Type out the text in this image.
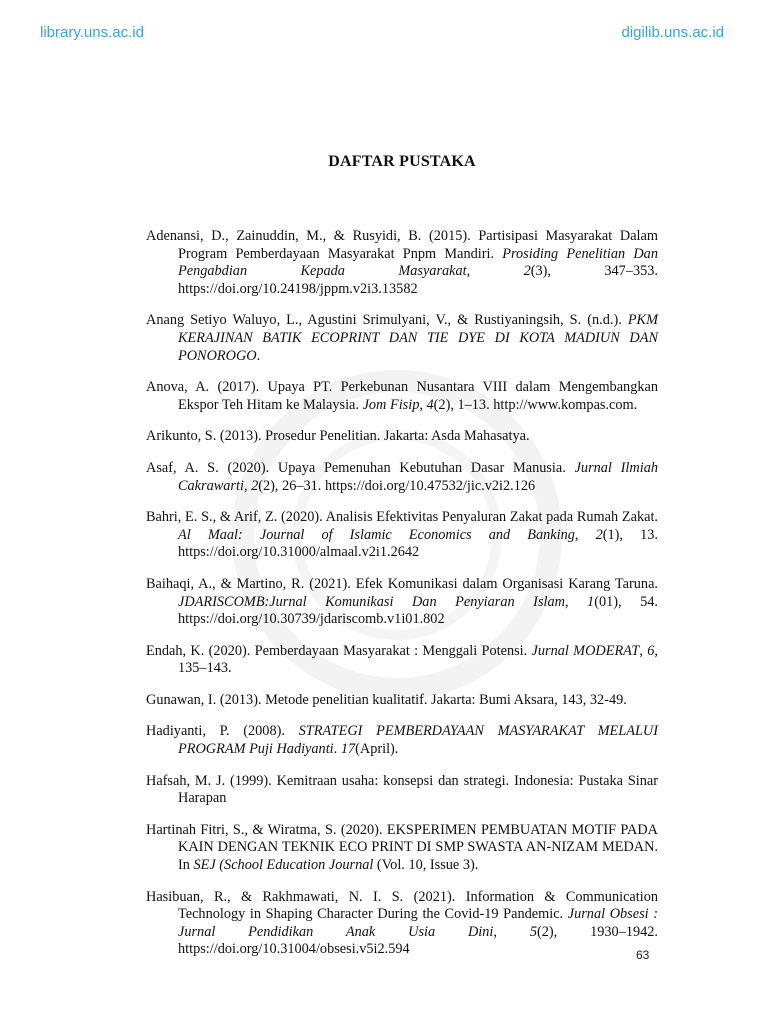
library.uns.ac.id	digilib.uns.ac.id
DAFTAR PUSTAKA

Adenansi, D., Zainuddin, M., & Rusyidi, B. (2015). Partisipasi Masyarakat Dalam Program Pemberdayaan Masyarakat Pnpm Mandiri. Prosiding Penelitian Dan Pengabdian Kepada Masyarakat, 2(3), 347–353. https://doi.org/10.24198/jppm.v2i3.13582

Anang Setiyo Waluyo, L., Agustini Srimulyani, V., & Rustiyaningsih, S. (n.d.). PKM KERAJINAN BATIK ECOPRINT DAN TIE DYE DI KOTA MADIUN DAN PONOROGO.

Anova, A. (2017). Upaya PT. Perkebunan Nusantara VIII dalam Mengembangkan Ekspor Teh Hitam ke Malaysia. Jom Fisip, 4(2), 1–13. http://www.kompas.com.

Arikunto, S. (2013). Prosedur Penelitian. Jakarta: Asda Mahasatya.

Asaf, A. S. (2020). Upaya Pemenuhan Kebutuhan Dasar Manusia. Jurnal Ilmiah Cakrawarti, 2(2), 26–31. https://doi.org/10.47532/jic.v2i2.126

Bahri, E. S., & Arif, Z. (2020). Analisis Efektivitas Penyaluran Zakat pada Rumah Zakat. Al Maal: Journal of Islamic Economics and Banking, 2(1), 13. https://doi.org/10.31000/almaal.v2i1.2642

Baihaqi, A., & Martino, R. (2021). Efek Komunikasi dalam Organisasi Karang Taruna. JDARISCOMB:Jurnal Komunikasi Dan Penyiaran Islam, 1(01), 54. https://doi.org/10.30739/jdariscomb.v1i01.802

Endah, K. (2020). Pemberdayaan Masyarakat : Menggali Potensi. Jurnal MODERAT, 6, 135–143.

Gunawan, I. (2013). Metode penelitian kualitatif. Jakarta: Bumi Aksara, 143, 32-49.

Hadiyanti, P. (2008). STRATEGI PEMBERDAYAAN MASYARAKAT MELALUI PROGRAM Puji Hadiyanti. 17(April).

Hafsah, M. J. (1999). Kemitraan usaha: konsepsi dan strategi. Indonesia: Pustaka Sinar Harapan

Hartinah Fitri, S., & Wiratma, S. (2020). EKSPERIMEN PEMBUATAN MOTIF PADA KAIN DENGAN TEKNIK ECO PRINT DI SMP SWASTA AN-NIZAM MEDAN. In SEJ (School Education Journal (Vol. 10, Issue 3).

Hasibuan, R., & Rakhmawati, N. I. S. (2021). Information & Communication Technology in Shaping Character During the Covid-19 Pandemic. Jurnal Obsesi : Jurnal Pendidikan Anak Usia Dini, 5(2), 1930–1942. https://doi.org/10.31004/obsesi.v5i2.594	63
